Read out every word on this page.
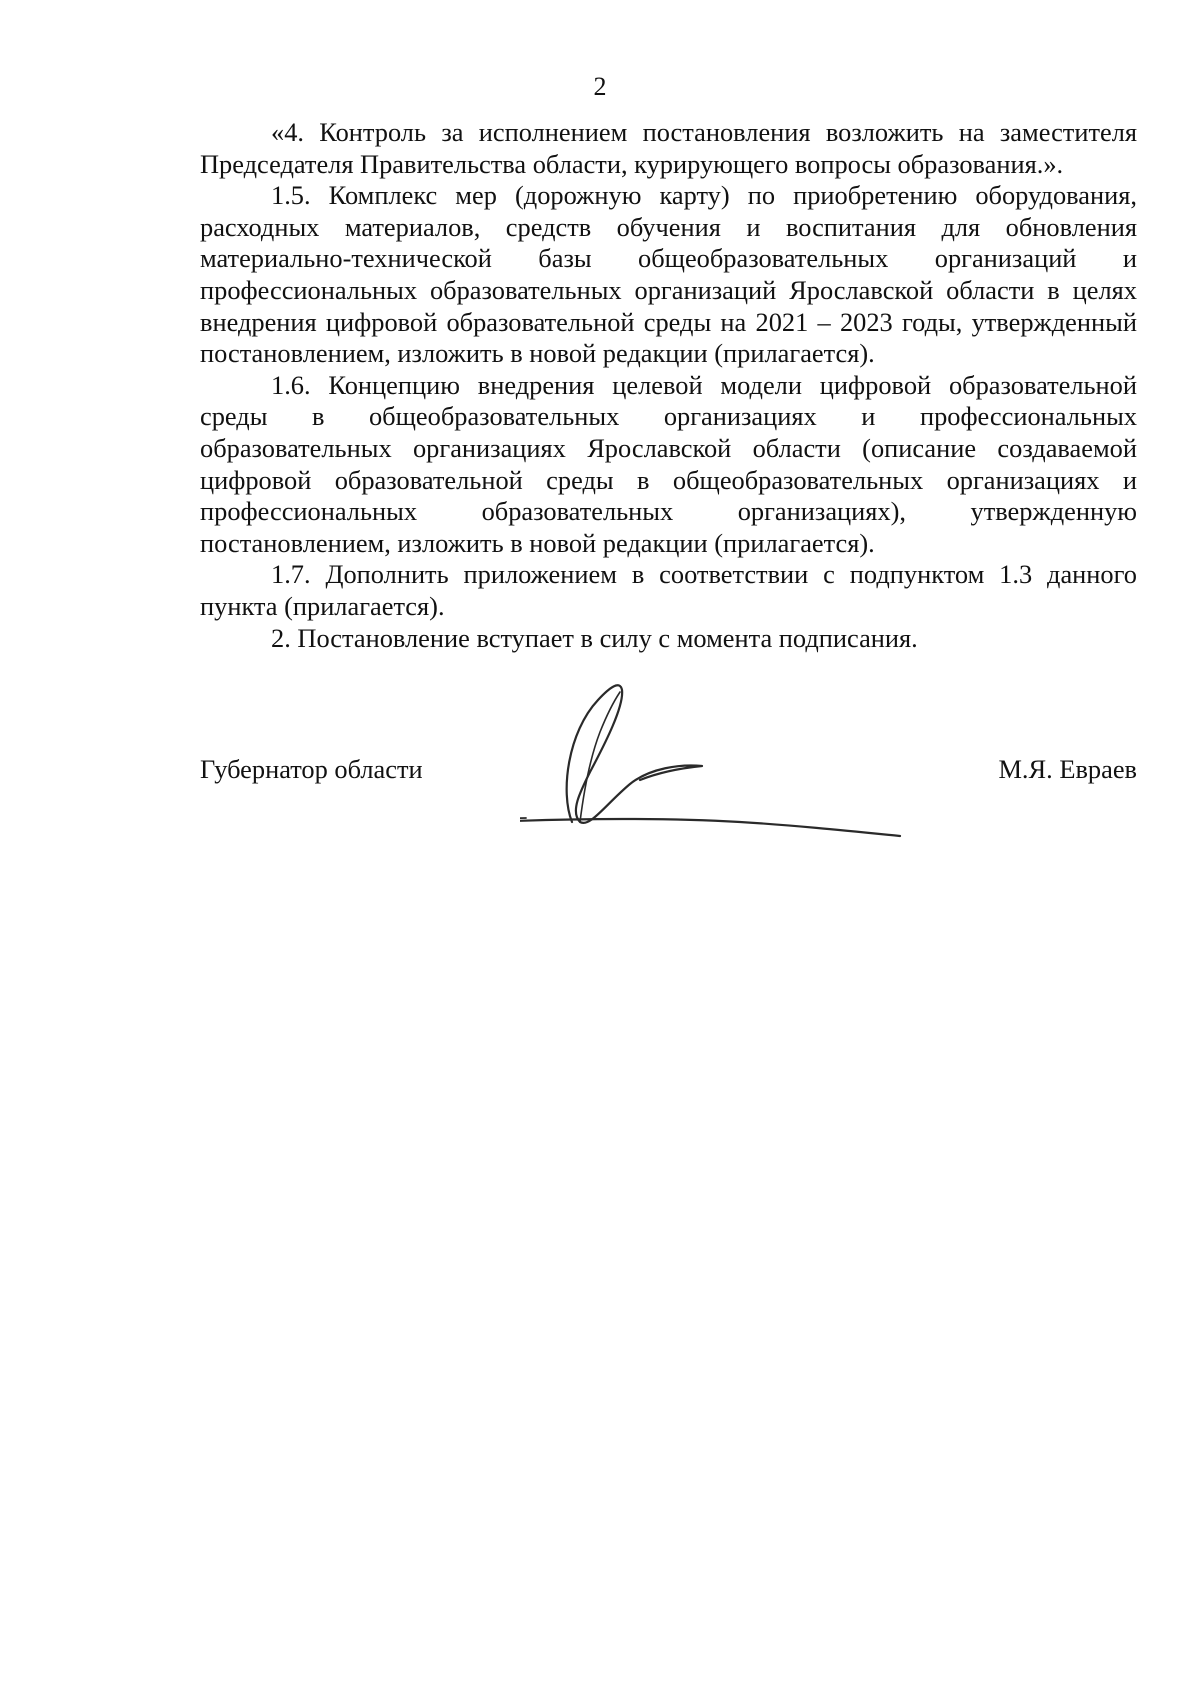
2

«4. Контроль за исполнением постановления возложить на заместителя Председателя Правительства области, курирующего вопросы образования.».

1.5. Комплекс мер (дорожную карту) по приобретению оборудования, расходных материалов, средств обучения и воспитания для обновления материально-технической базы общеобразовательных организаций и профессиональных образовательных организаций Ярославской области в целях внедрения цифровой образовательной среды на 2021 – 2023 годы, утвержденный постановлением, изложить в новой редакции (прилагается).

1.6. Концепцию внедрения целевой модели цифровой образовательной среды в общеобразовательных организациях и профессиональных образовательных организациях Ярославской области (описание создаваемой цифровой образовательной среды в общеобразовательных организациях и профессиональных образовательных организациях), утвержденную постановлением, изложить в новой редакции (прилагается).

1.7. Дополнить приложением в соответствии с подпунктом 1.3 данного пункта (прилагается).

2. Постановление вступает в силу с момента подписания.

Губернатор области	М.Я. Евраев
